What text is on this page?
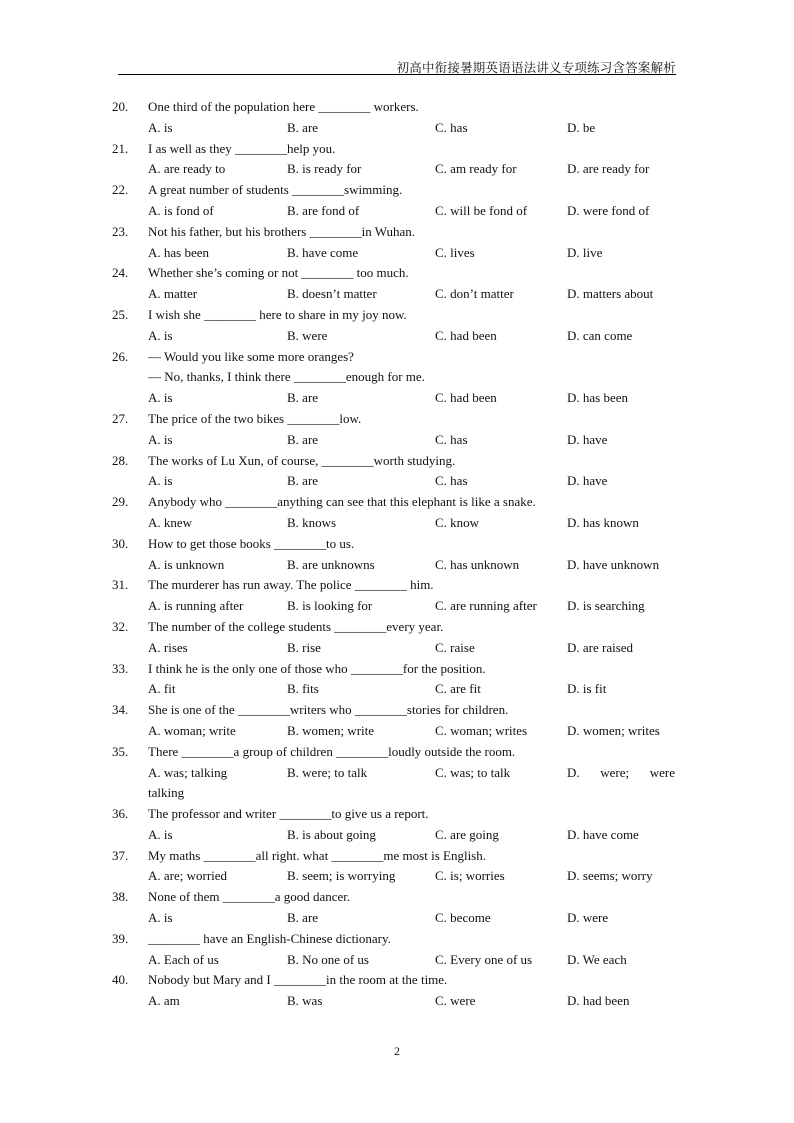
初高中衔接暑期英语语法讲义专项练习含答案解析
20.	One third of the population here ________ workers.
A. is	B. are	C. has	D. be
21.	I as well as they ________help you.
A. are ready to	B. is ready for	C. am ready for	D. are ready for
22.	A great number of students ________swimming.
A. is fond of	B. are fond of	C. will be fond of	D. were fond of
23.	Not his father, but his brothers ________in Wuhan.
A. has been	B. have come	C. lives	D. live
24.	Whether she’s coming or not ________ too much.
A. matter	B. doesn’t matter	C. don’t matter	D. matters about
25.	I wish she ________ here to share in my joy now.
A. is	B. were	C. had been	D. can come
26.	— Would you like some more oranges?
— No, thanks, I think there ________enough for me.
A. is	B. are	C. had been	D. has been
27.	The price of the two bikes ________low.
A. is	B. are	C. has	D. have
28.	The works of Lu Xun, of course, ________worth studying.
A. is	B. are	C. has	D. have
29.	Anybody who ________anything can see that this elephant is like a snake.
A. knew	B. knows	C. know	D. has known
30.	How to get those books ________to us.
A. is unknown	B. are unknowns	C. has unknown	D. have unknown
31.	The murderer has run away. The police ________ him.
A. is running after	B. is looking for	C. are running after D. is searching
32.	The number of the college students ________every year.
A. rises	B. rise	C. raise	D. are raised
33.	I think he is the only one of those who ________for the position.
A. fit	B. fits	C. are fit	D. is fit
34.	She is one of the ________writers who ________stories for children.
A. woman; write	B. women; write	C. woman; writes	D. women; writes
35.	There ________a group of children ________loudly outside the room.
A. was; talking	B. were; to talk	C. was; to talk	D. were; were
talking
36.	The professor and writer ________to give us a report.
A. is	B. is about going	C. are going	D. have come
37.	My maths ________all right. what ________me most is English.
A. are; worried	B. seem; is worrying	C. is; worries	D. seems; worry
38.	None of them ________a good dancer.
A. is	B. are	C. become	D. were
39.	________ have an English-Chinese dictionary.
A. Each of us	B. No one of us	C. Every one of us	D. We each
40.	Nobody but Mary and I ________in the room at the time.
A. am	B. was	C. were	D. had been
2
